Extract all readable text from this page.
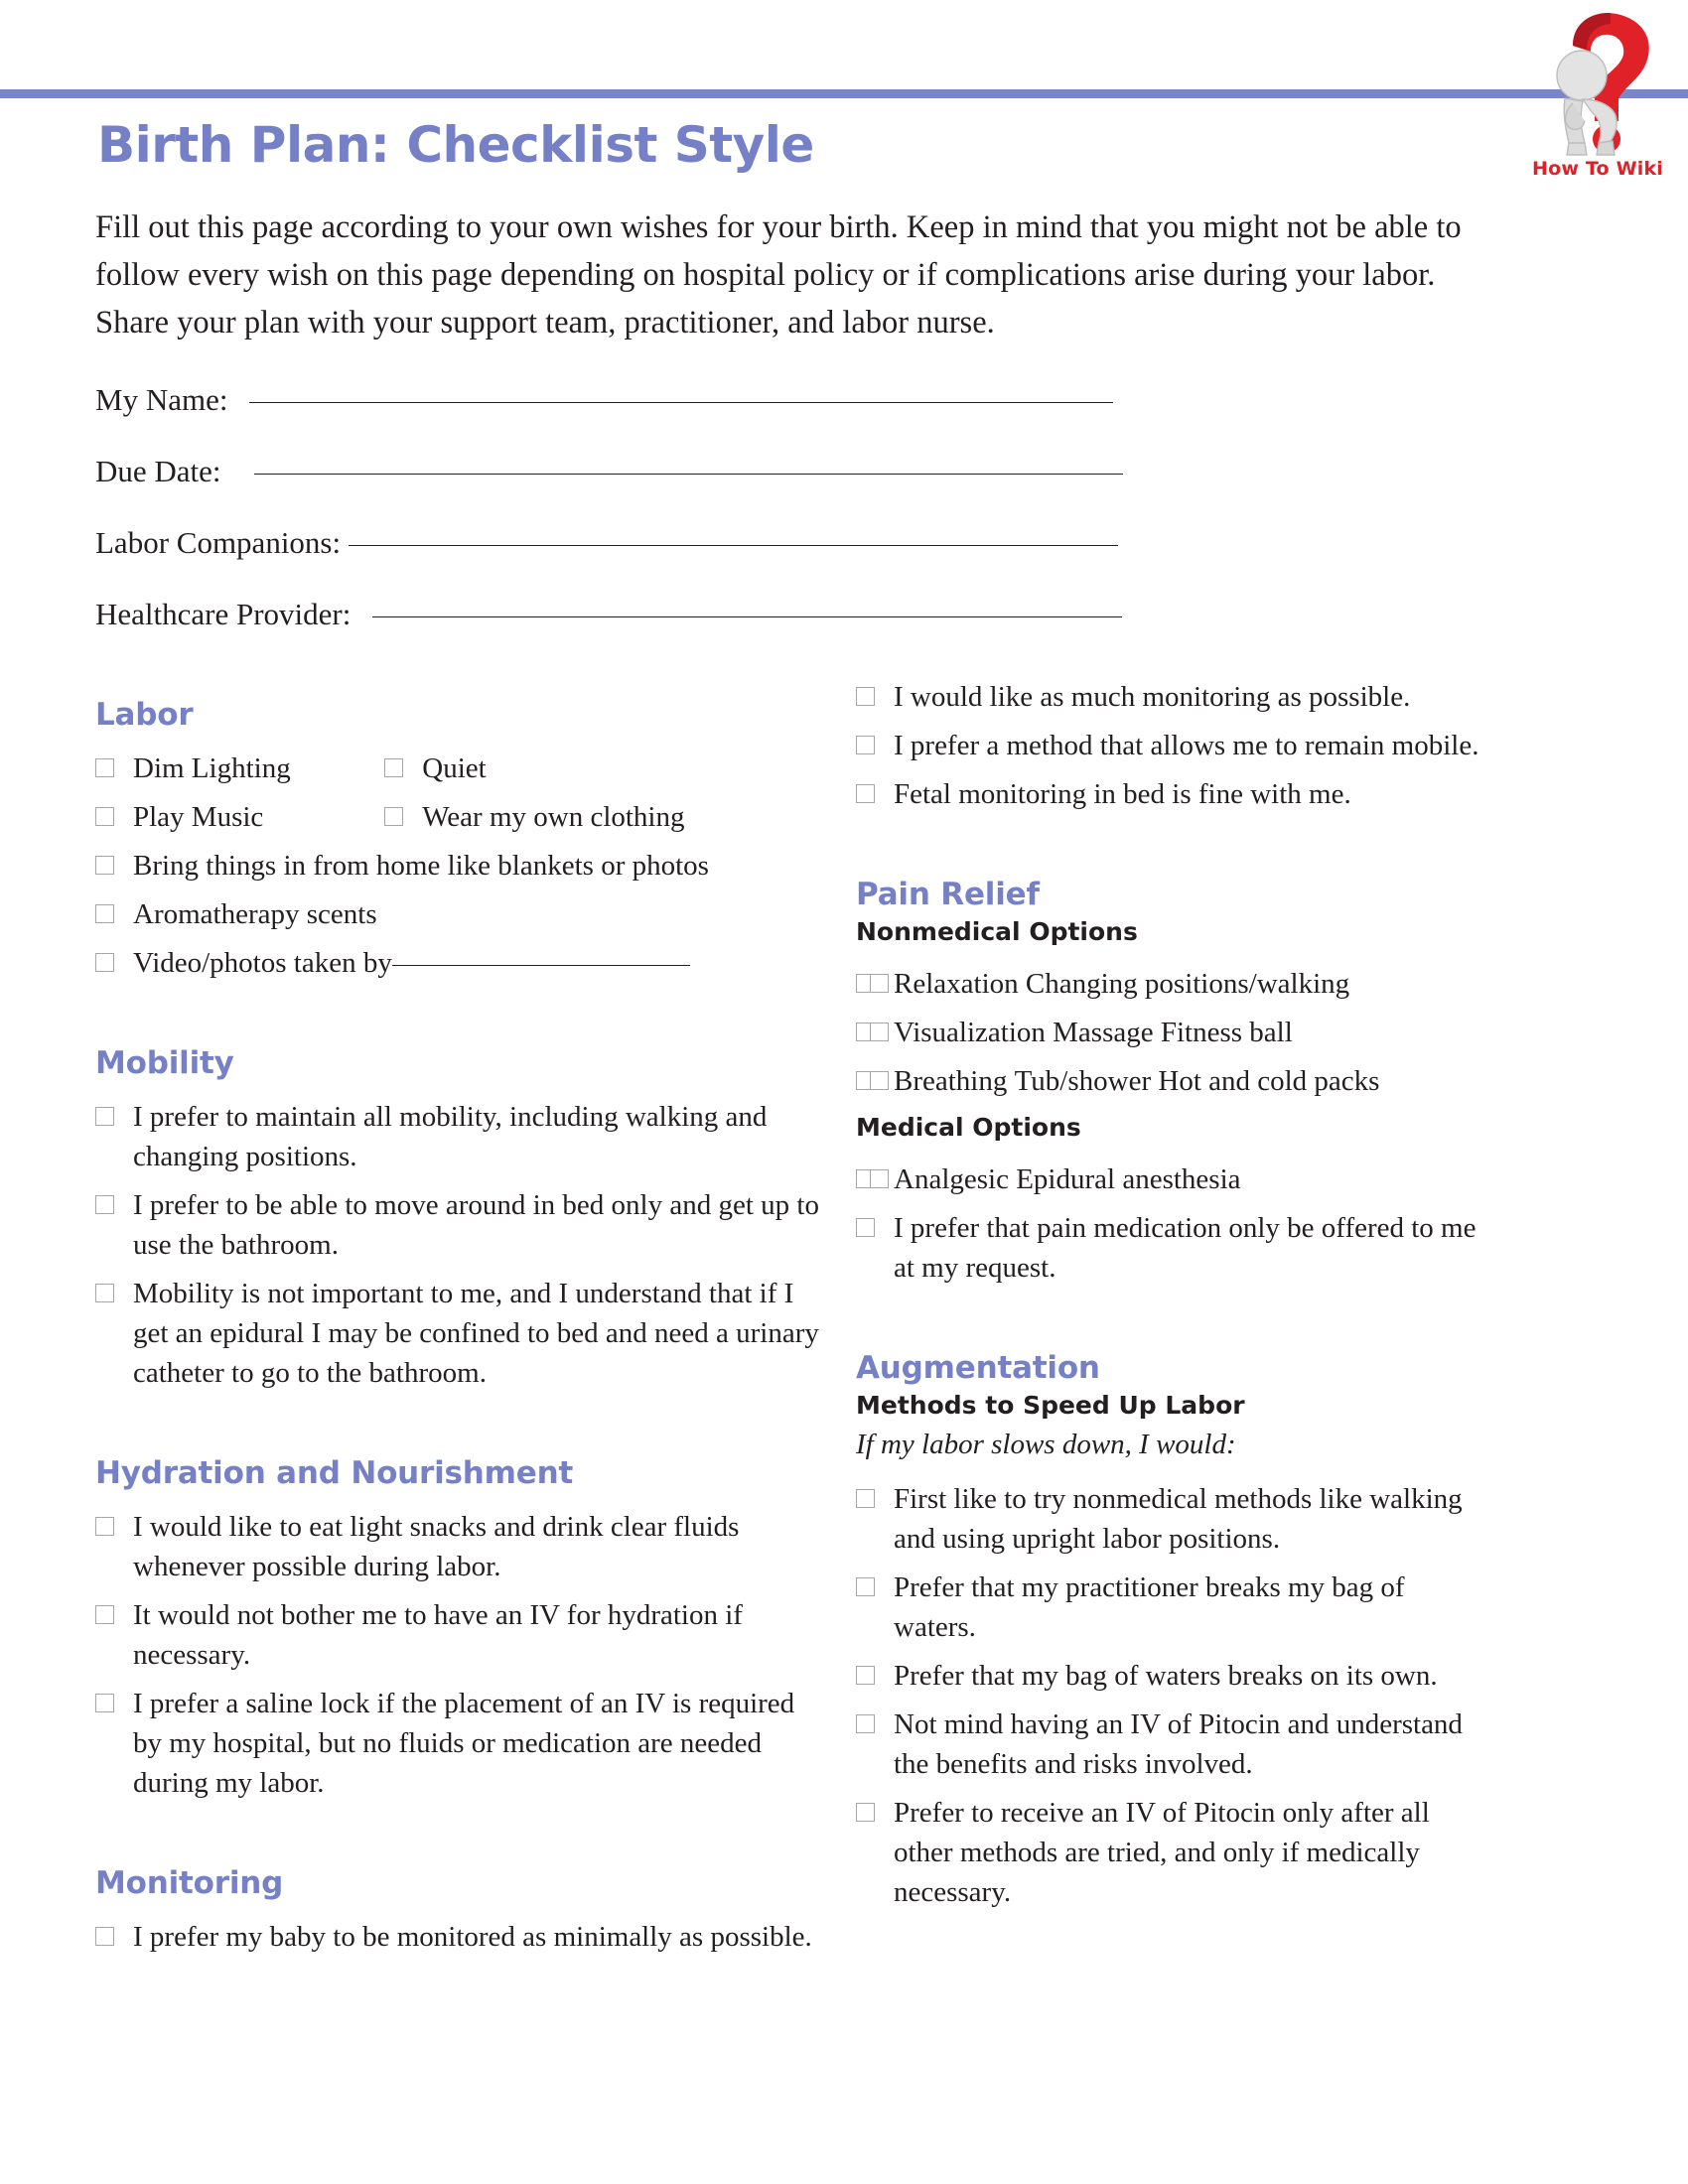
How To Wiki
Birth Plan: Checklist Style
Fill out this page according to your own wishes for your birth. Keep in mind that you might not be able to follow every wish on this page depending on hospital policy or if complications arise during your labor. Share your plan with your support team, practitioner, and labor nurse.
My Name:
Due Date:
Labor Companions:
Healthcare Provider:
Labor
Dim Lighting	Quiet
Play Music	Wear my own clothing
Bring things in from home like blankets or photos
Aromatherapy scents
Video/photos taken by
Mobility
I prefer to maintain all mobility, including walking and changing positions.
I prefer to be able to move around in bed only and get up to use the bathroom.
Mobility is not important to me, and I understand that if I get an epidural I may be confined to bed and need a urinary catheter to go to the bathroom.
Hydration and Nourishment
I would like to eat light snacks and drink clear fluids whenever possible during labor.
It would not bother me to have an IV for hydration if necessary.
I prefer a saline lock if the placement of an IV is required by my hospital, but no fluids or medication are needed during my labor.
Monitoring
I prefer my baby to be monitored as minimally as possible.
I would like as much monitoring as possible.
I prefer a method that allows me to remain mobile.
Fetal monitoring in bed is fine with me.
Pain Relief
Nonmedical Options
Relaxation Changing positions/walking
Visualization Massage Fitness ball
Breathing Tub/shower Hot and cold packs
Medical Options
Analgesic Epidural anesthesia
I prefer that pain medication only be offered to me at my request.
Augmentation
Methods to Speed Up Labor

If my labor slows down, I would:

First like to try nonmedical methods like walking and using upright labor positions.
Prefer that my practitioner breaks my bag of waters.
Prefer that my bag of waters breaks on its own.
Not mind having an IV of Pitocin and understand the benefits and risks involved.
Prefer to receive an IV of Pitocin only after all other methods are tried, and only if medically necessary.
